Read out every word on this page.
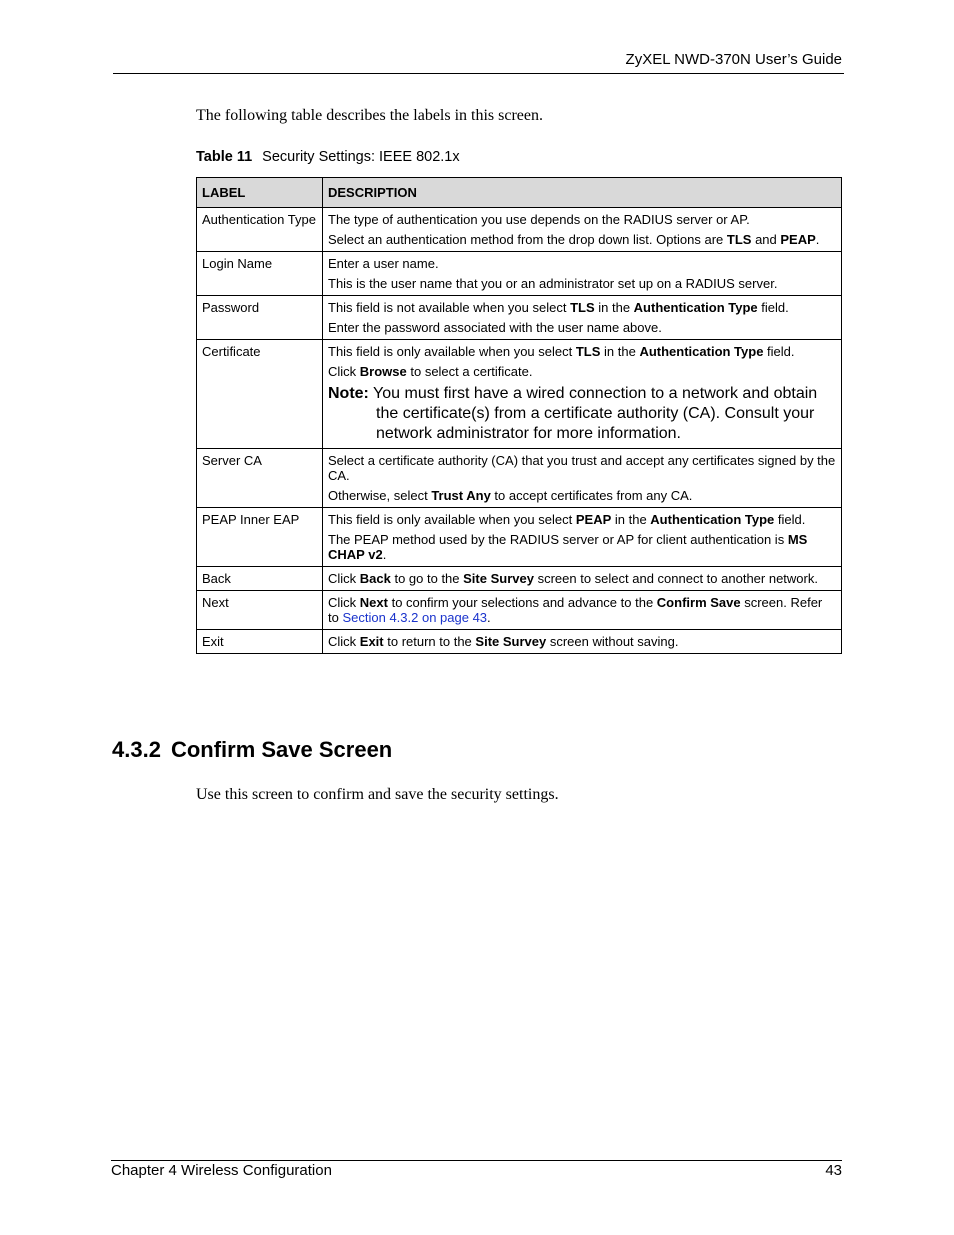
ZyXEL NWD-370N User’s Guide
The following table describes the labels in this screen.
Table 11 Security Settings: IEEE 802.1x
LABEL	DESCRIPTION
Authentication Type	The type of authentication you use depends on the RADIUS server or AP.

Select an authentication method from the drop down list. Options are TLS and PEAP.

Login Name	Enter a user name.

This is the user name that you or an administrator set up on a RADIUS server.

Password	This field is not available when you select TLS in the Authentication Type field.

Enter the password associated with the user name above.

Certificate	This field is only available when you select TLS in the Authentication Type field.

Click Browse to select a certificate.

Note: You must first have a wired connection to a network and obtain the certificate(s) from a certificate authority (CA). Consult your network administrator for more information.

Server CA	Select a certificate authority (CA) that you trust and accept any certificates signed by the CA.

Otherwise, select Trust Any to accept certificates from any CA.

PEAP Inner EAP	This field is only available when you select PEAP in the Authentication Type field.

The PEAP method used by the RADIUS server or AP for client authentication is MS CHAP v2.

Back	Click Back to go to the Site Survey screen to select and connect to another network.

Next	Click Next to confirm your selections and advance to the Confirm Save screen. Refer to Section 4.3.2 on page 43.

Exit	Click Exit to return to the Site Survey screen without saving.

4.3.2 Confirm Save Screen
Use this screen to confirm and save the security settings.
Chapter 4 Wireless Configuration	43
